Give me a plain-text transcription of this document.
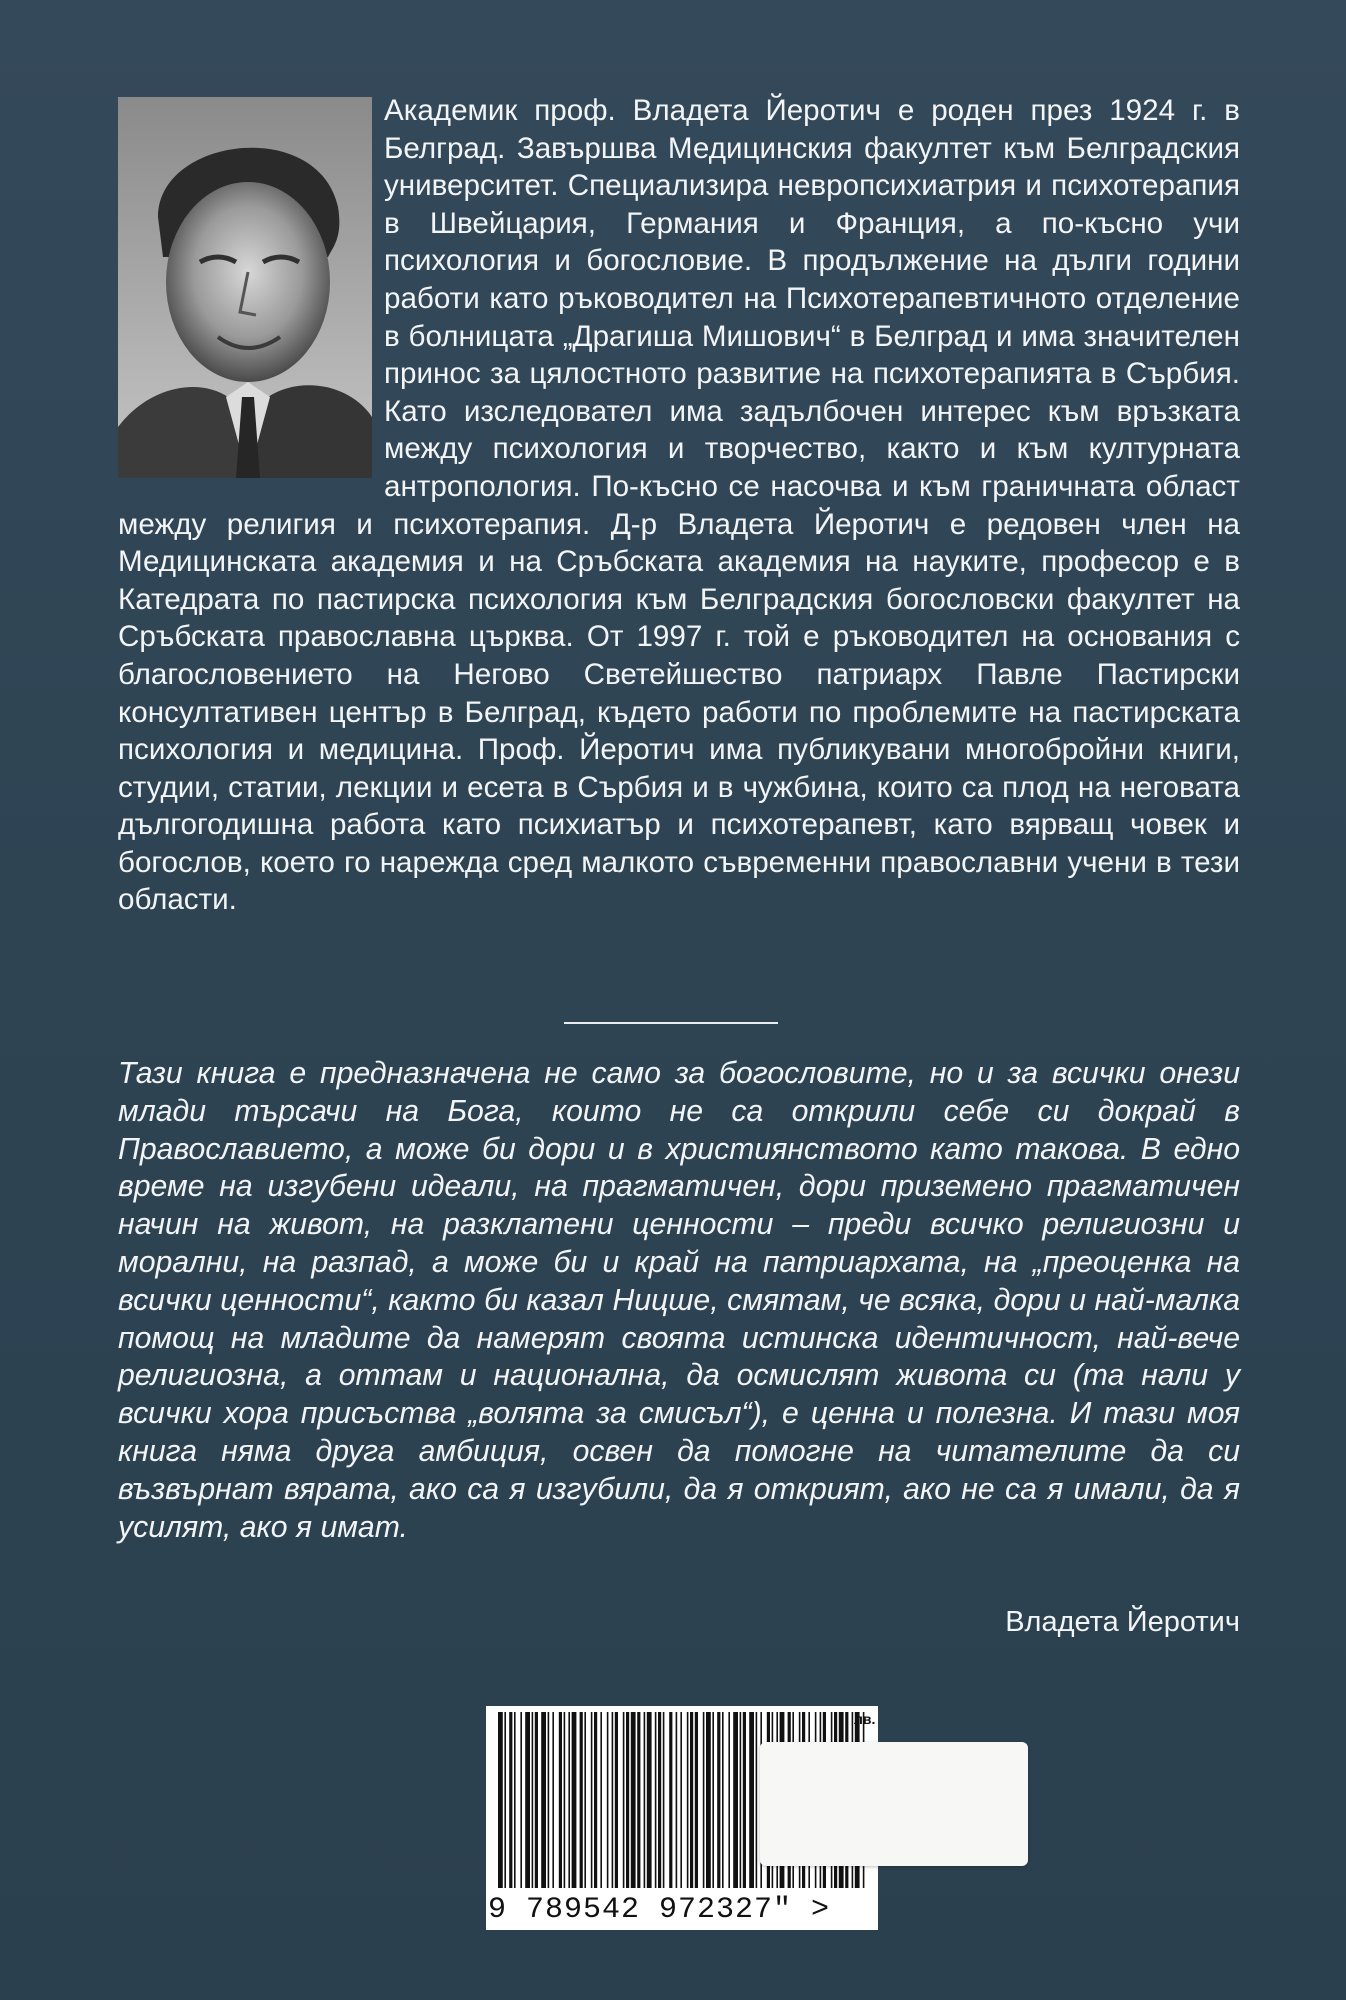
Академик проф. Владета Йеротич е роден през 1924 г. в Белград. Завършва Медицинския факултет към Белградския университет. Специализира невропсихиатрия и психотерапия в Швейцария, Германия и Франция, а по-късно учи психология и богословие. В продължение на дълги години работи като ръководител на Психотерапевтичното отделение в болницата „Драгиша Мишович“ в Белград и има значителен принос за цялостното развитие на психотерапията в Сърбия. Като изследовател има задълбочен интерес към връзката между психология и творчество, както и към културната антропология. По-късно се насочва и към граничната област между религия и психотерапия. Д-р Владета Йеротич е редовен член на Медицинската академия и на Сръбската академия на науките, професор е в Катедрата по пастирска психология към Белградския богословски факултет на Сръбската православна църква. От 1997 г. той е ръководител на основания с благословението на Негово Светейшество патриарх Павле Пастирски консултативен център в Белград, където работи по проблемите на пастирската психология и медицина. Проф. Йеротич има публикувани многобройни книги, студии, статии, лекции и есета в Сърбия и в чужбина, които са плод на неговата дългогодишна работа като психиатър и психотерапевт, като вярващ човек и богослов, което го нарежда сред малкото съвременни православни учени в тези области.

Тази книга е предназначена не само за богословите, но и за всички онези млади търсачи на Бога, които не са открили себе си докрай в Православието, а може би дори и в християнството като такова. В едно време на изгубени идеали, на прагматичен, дори приземено прагматичен начин на живот, на разклатени ценности – преди всичко религиозни и морални, на разпад, а може би и край на патриархата, на „преоценка на всички ценности“, както би казал Ницше, смятам, че всяка, дори и най-малка помощ на младите да намерят своята истинска идентичност, най-вече религиозна, а оттам и национална, да осмислят живота си (та нали у всички хора присъства „волята за смисъл“), е ценна и полезна. И тази моя книга няма друга амбиция, освен да помогне на читателите да си възвърнат вярата, ако са я изгубили, да я открият, ако не са я имали, да я усилят, ако я имат.

Владета Йеротич

9 789542 972327" >
лв.
